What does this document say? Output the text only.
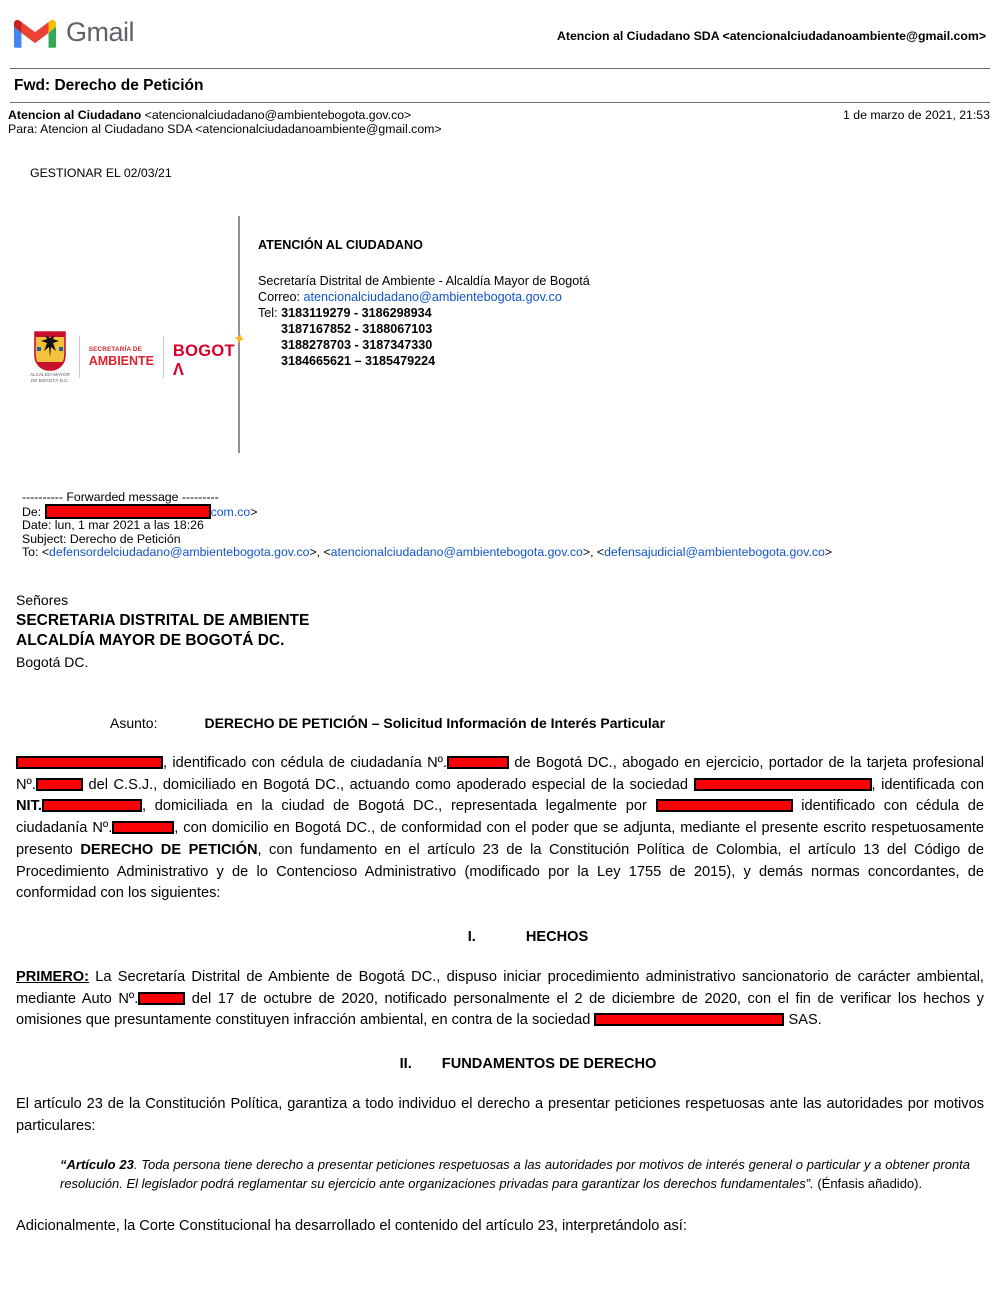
Gmail	Atencion al Ciudadano SDA <atencionalciudadanoambiente@gmail.com>
Fwd: Derecho de Petición
Atencion al Ciudadano <atencionalciudadano@ambientebogota.gov.co>
Para: Atencion al Ciudadano SDA <atencionalciudadanoambiente@gmail.com>
1 de marzo de 2021, 21:53
GESTIONAR EL 02/03/21
ALCALDÍA MAYOR
DE BOGOTÁ D.C.
SECRETARÍA DE
AMBIENTE
BOGOTΛ
✦
ATENCIÓN AL CIUDADANO
Secretaría Distrital de Ambiente - Alcaldía Mayor de Bogotá
Correo: atencionalciudadano@ambientebogota.gov.co
Tel: 3183119279 - 3186298934
3187167852 - 3188067103
3188278703 - 3187347330
3184665621 – 3185479224
---------- Forwarded message ---------
De:	com.co>
Date: lun, 1 mar 2021 a las 18:26
Subject: Derecho de Petición
To: <defensordelciudadano@ambientebogota.gov.co>, <atencionalciudadano@ambientebogota.gov.co>, <defensajudicial@ambientebogota.gov.co>
Señores
SECRETARIA DISTRITAL DE AMBIENTE
ALCALDÍA MAYOR DE BOGOTÁ DC.
Bogotá DC.
Asunto:	DERECHO DE PETICIÓN – Solicitud Información de Interés Particular
, identificado con cédula de ciudadanía Nº.	de Bogotá DC., abogado en ejercicio, portador de la tarjeta profesional Nº.	del C.S.J., domiciliado en Bogotá DC., actuando como apoderado especial de la sociedad	, identificada con NIT.	, domiciliada en la ciudad de Bogotá DC., representada legalmente por	identificado con cédula de ciudadanía Nº.	, con domicilio en Bogotá DC., de conformidad con el poder que se adjunta, mediante el presente escrito respetuosamente presento DERECHO DE PETICIÓN, con fundamento en el artículo 23 de la Constitución Política de Colombia, el artículo 13 del Código de Procedimiento Administrativo y de lo Contencioso Administrativo (modificado por la Ley 1755 de 2015), y demás normas concordantes, de conformidad con los siguientes:
I.	HECHOS
PRIMERO: La Secretaría Distrital de Ambiente de Bogotá DC., dispuso iniciar procedimiento administrativo sancionatorio de carácter ambiental, mediante Auto Nº.	del 17 de octubre de 2020, notificado personalmente el 2 de diciembre de 2020, con el fin de verificar los hechos y omisiones que presuntamente constituyen infracción ambiental, en contra de la sociedad	SAS.
II. FUNDAMENTOS DE DERECHO
El artículo 23 de la Constitución Política, garantiza a todo individuo el derecho a presentar peticiones respetuosas ante las autoridades por motivos particulares:
“Artículo 23. Toda persona tiene derecho a presentar peticiones respetuosas a las autoridades por motivos de interés general o particular y a obtener pronta resolución. El legislador podrá reglamentar su ejercicio ante organizaciones privadas para garantizar los derechos fundamentales”. (Énfasis añadido).
Adicionalmente, la Corte Constitucional ha desarrollado el contenido del artículo 23, interpretándolo así:
